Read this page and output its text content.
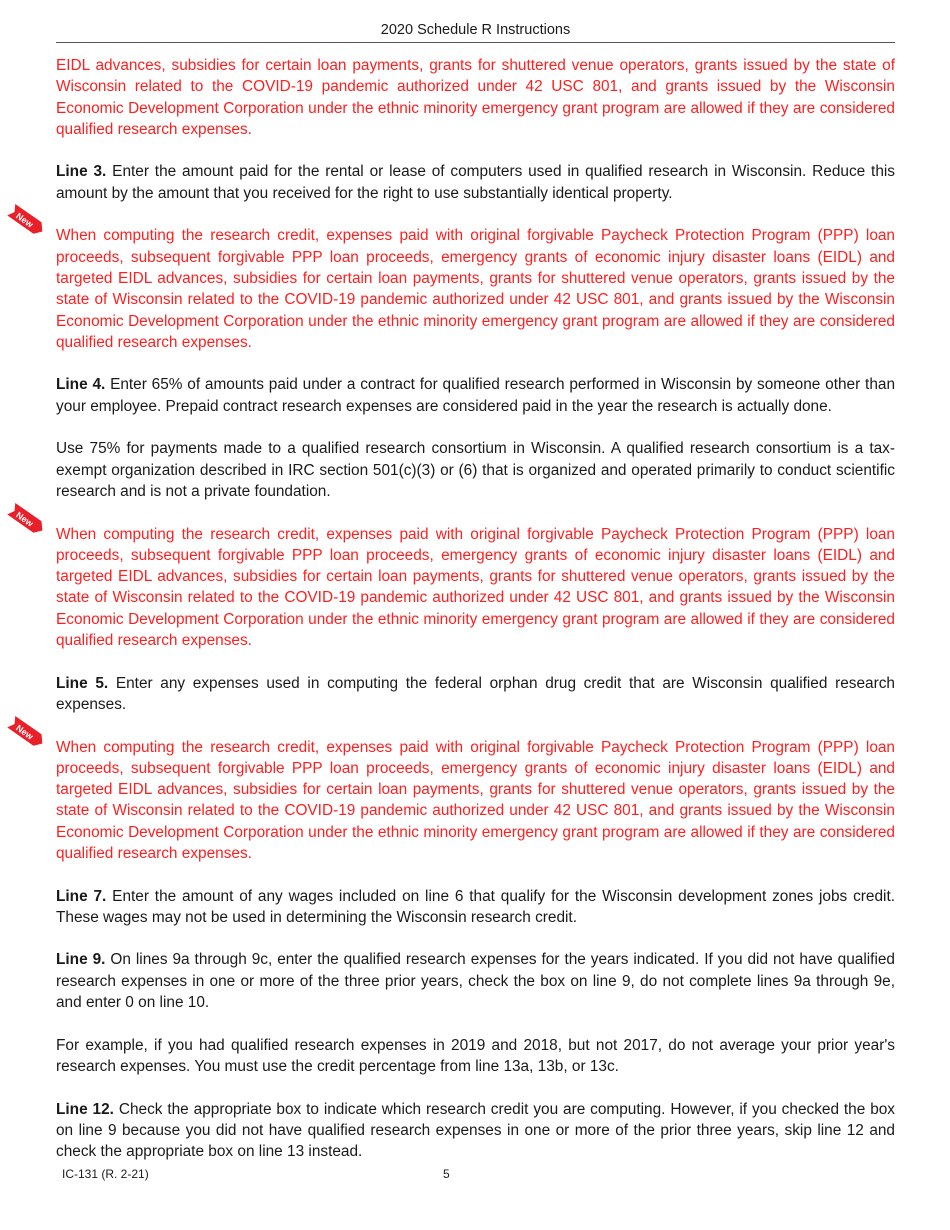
2020 Schedule R Instructions

EIDL advances, subsidies for certain loan payments, grants for shuttered venue operators, grants issued by the state of Wisconsin related to the COVID-19 pandemic authorized under 42 USC 801, and grants issued by the Wisconsin Economic Development Corporation under the ethnic minority emergency grant program are allowed if they are considered qualified research expenses.

Line 3. Enter the amount paid for the rental or lease of computers used in qualified research in Wisconsin. Reduce this amount by the amount that you received for the right to use substantially identical property.

New
When computing the research credit, expenses paid with original forgivable Paycheck Protection Program (PPP) loan proceeds, subsequent forgivable PPP loan proceeds, emergency grants of economic injury disaster loans (EIDL) and targeted EIDL advances, subsidies for certain loan payments, grants for shuttered venue operators, grants issued by the state of Wisconsin related to the COVID-19 pandemic authorized under 42 USC 801, and grants issued by the Wisconsin Economic Development Corporation under the ethnic minority emergency grant program are allowed if they are considered qualified research expenses.

Line 4. Enter 65% of amounts paid under a contract for qualified research performed in Wisconsin by someone other than your employee. Prepaid contract research expenses are considered paid in the year the research is actually done.

Use 75% for payments made to a qualified research consortium in Wisconsin. A qualified research consortium is a tax-exempt organization described in IRC section 501(c)(3) or (6) that is organized and operated primarily to conduct scientific research and is not a private foundation.

New
When computing the research credit, expenses paid with original forgivable Paycheck Protection Program (PPP) loan proceeds, subsequent forgivable PPP loan proceeds, emergency grants of economic injury disaster loans (EIDL) and targeted EIDL advances, subsidies for certain loan payments, grants for shuttered venue operators, grants issued by the state of Wisconsin related to the COVID-19 pandemic authorized under 42 USC 801, and grants issued by the Wisconsin Economic Development Corporation under the ethnic minority emergency grant program are allowed if they are considered qualified research expenses.

Line 5. Enter any expenses used in computing the federal orphan drug credit that are Wisconsin qualified research expenses.

New
When computing the research credit, expenses paid with original forgivable Paycheck Protection Program (PPP) loan proceeds, subsequent forgivable PPP loan proceeds, emergency grants of economic injury disaster loans (EIDL) and targeted EIDL advances, subsidies for certain loan payments, grants for shuttered venue operators, grants issued by the state of Wisconsin related to the COVID-19 pandemic authorized under 42 USC 801, and grants issued by the Wisconsin Economic Development Corporation under the ethnic minority emergency grant program are allowed if they are considered qualified research expenses.

Line 7. Enter the amount of any wages included on line 6 that qualify for the Wisconsin development zones jobs credit. These wages may not be used in determining the Wisconsin research credit.

Line 9. On lines 9a through 9c, enter the qualified research expenses for the years indicated. If you did not have qualified research expenses in one or more of the three prior years, check the box on line 9, do not complete lines 9a through 9e, and enter 0 on line 10.

For example, if you had qualified research expenses in 2019 and 2018, but not 2017, do not average your prior year's research expenses. You must use the credit percentage from line 13a, 13b, or 13c.

Line 12. Check the appropriate box to indicate which research credit you are computing. However, if you checked the box on line 9 because you did not have qualified research expenses in one or more of the prior three years, skip line 12 and check the appropriate box on line 13 instead.

IC-131 (R. 2-21)	5
